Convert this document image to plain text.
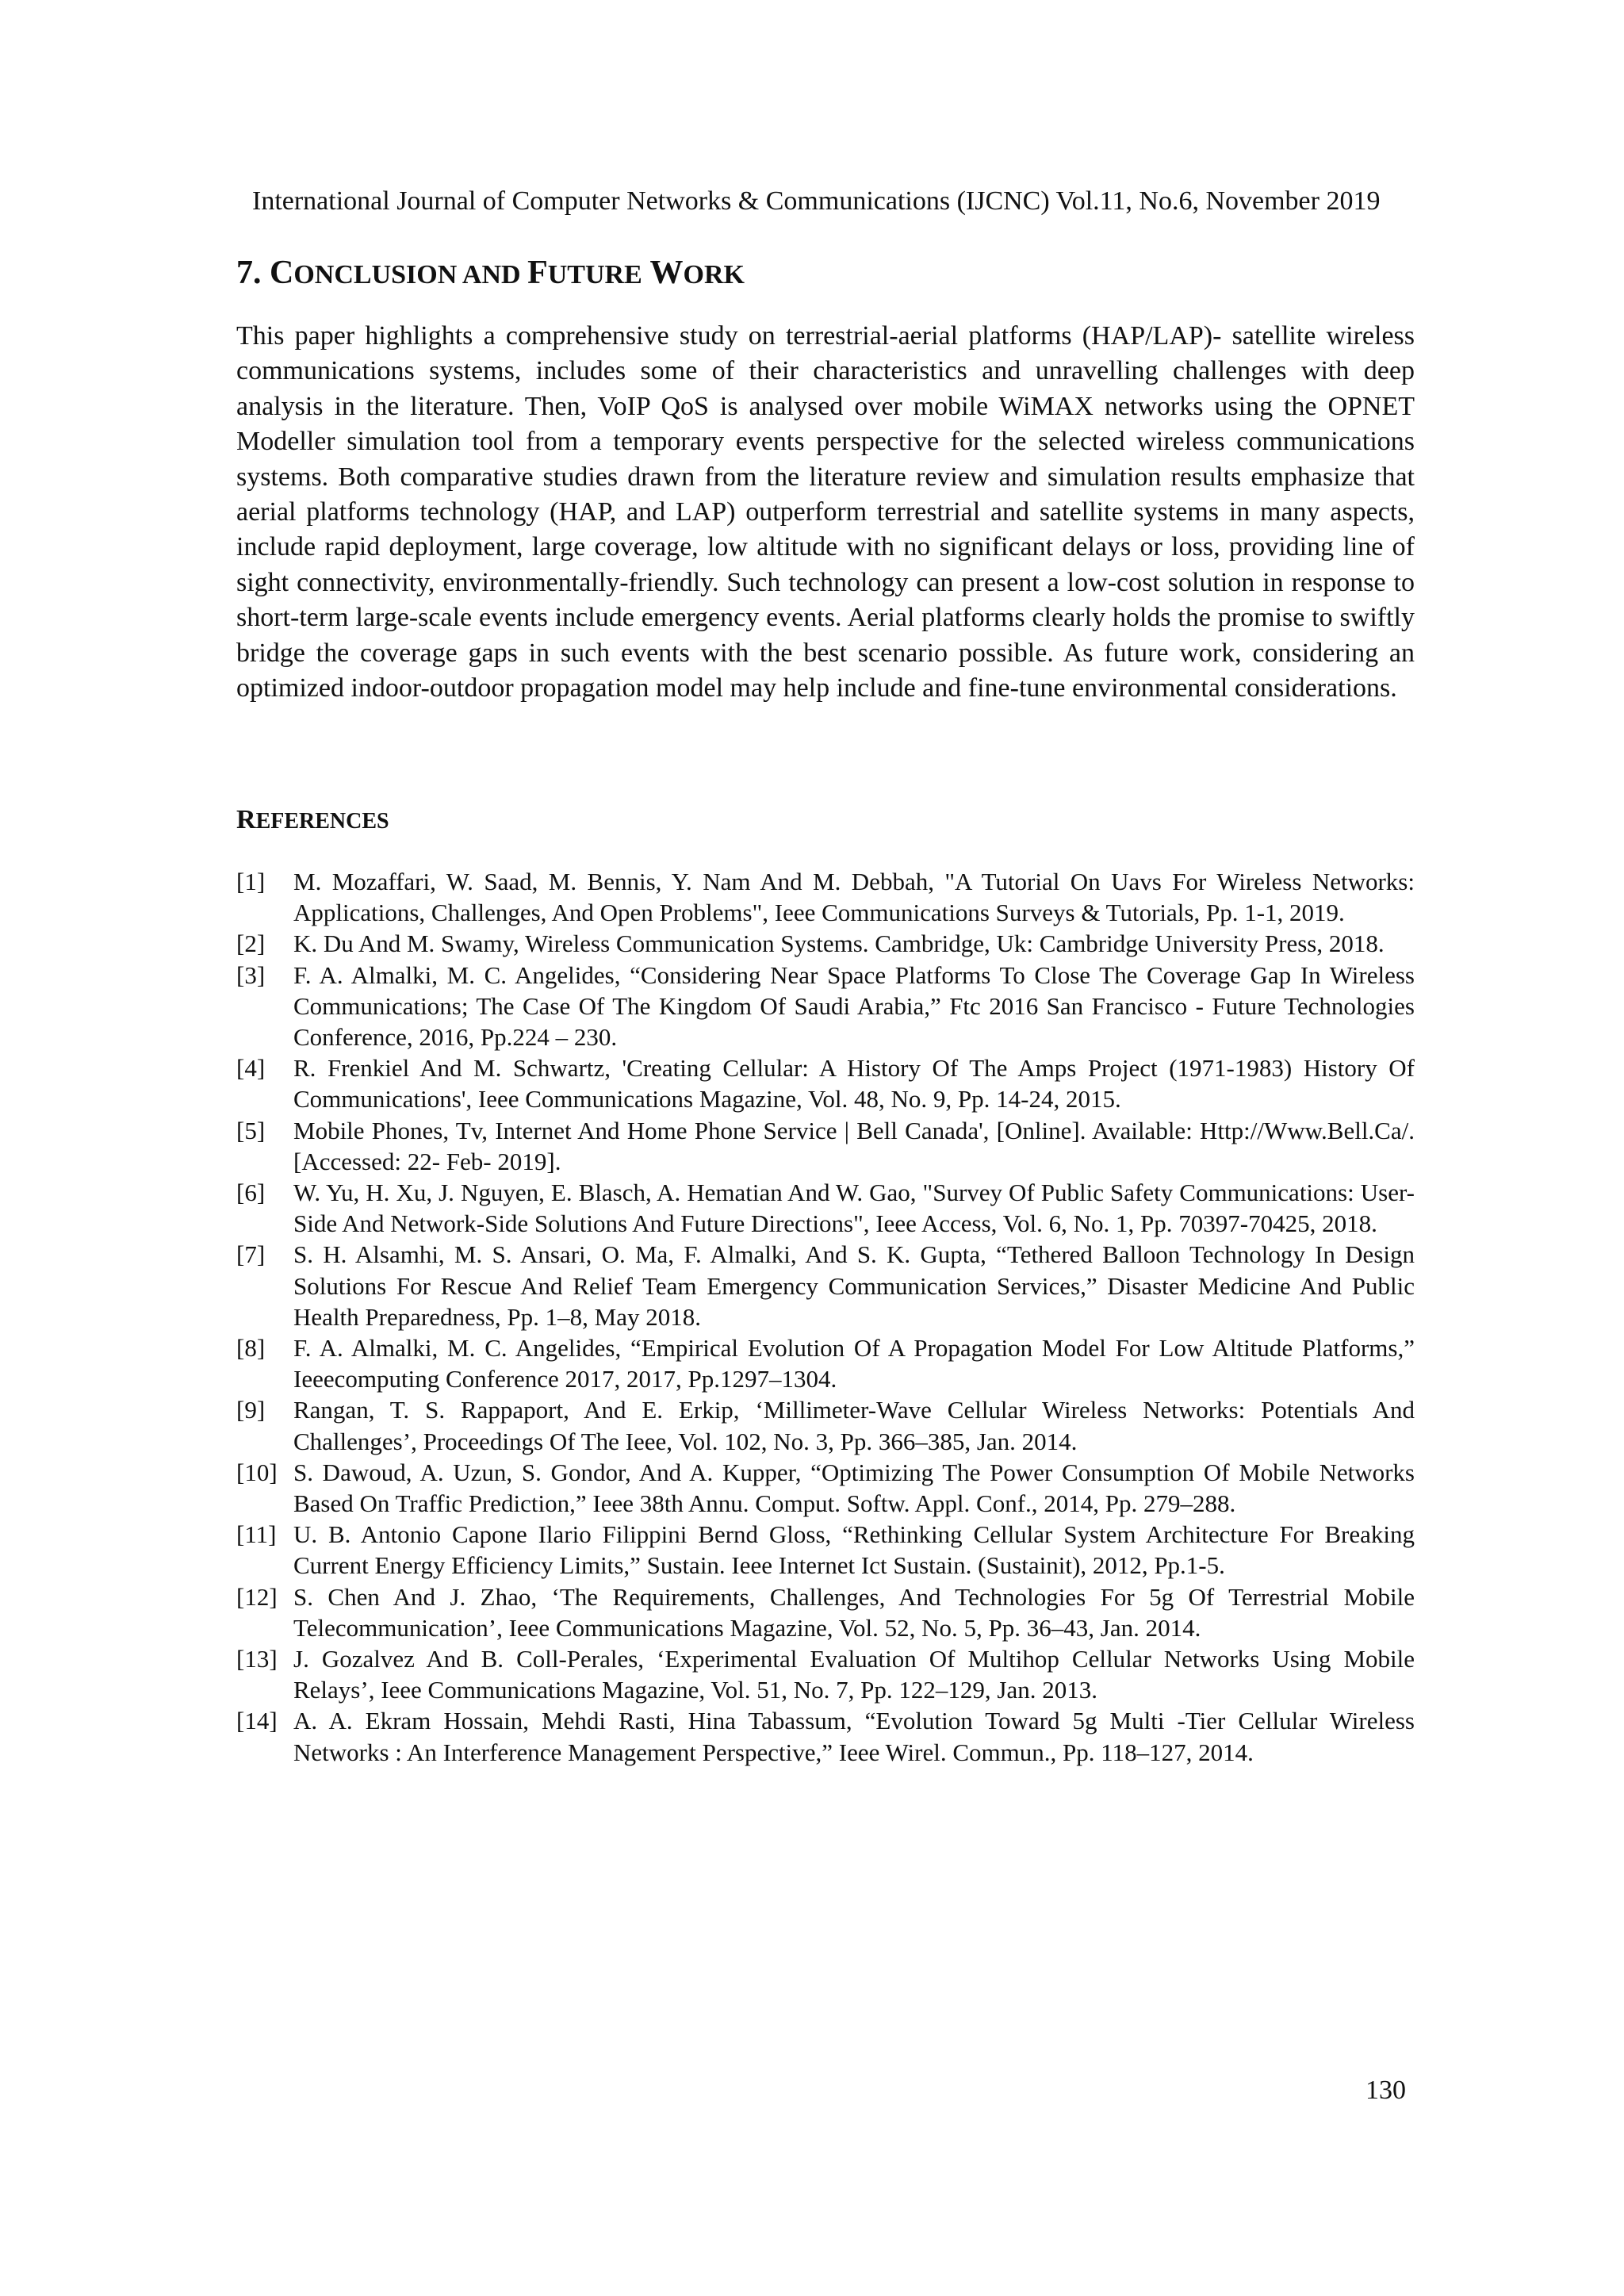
International Journal of Computer Networks & Communications (IJCNC) Vol.11, No.6, November 2019
7. CONCLUSION AND FUTURE WORK

This paper highlights a comprehensive study on terrestrial-aerial platforms (HAP/LAP)- satellite wireless communications systems, includes some of their characteristics and unravelling challenges with deep analysis in the literature. Then, VoIP QoS is analysed over mobile WiMAX networks using the OPNET Modeller simulation tool from a temporary events perspective for the selected wireless communications systems. Both comparative studies drawn from the literature review and simulation results emphasize that aerial platforms technology (HAP, and LAP) outperform terrestrial and satellite systems in many aspects, include rapid deployment, large coverage, low altitude with no significant delays or loss, providing line of sight connectivity, environmentally-friendly. Such technology can present a low-cost solution in response to short-term large-scale events include emergency events. Aerial platforms clearly holds the promise to swiftly bridge the coverage gaps in such events with the best scenario possible. As future work, considering an optimized indoor-outdoor propagation model may help include and fine-tune environmental considerations.

REFERENCES
[1]	M. Mozaffari, W. Saad, M. Bennis, Y. Nam And M. Debbah, "A Tutorial On Uavs For Wireless Networks: Applications, Challenges, And Open Problems", Ieee Communications Surveys & Tutorials, Pp. 1-1, 2019.
[2]	K. Du And M. Swamy, Wireless Communication Systems. Cambridge, Uk: Cambridge University Press, 2018.
[3]	F. A. Almalki, M. C. Angelides, “Considering Near Space Platforms To Close The Coverage Gap In Wireless Communications; The Case Of The Kingdom Of Saudi Arabia,” Ftc 2016 San Francisco - Future Technologies Conference, 2016, Pp.224 – 230.
[4]	R. Frenkiel And M. Schwartz, 'Creating Cellular: A History Of The Amps Project (1971-1983) History Of Communications', Ieee Communications Magazine, Vol. 48, No. 9, Pp. 14-24, 2015.
[5]	Mobile Phones, Tv, Internet And Home Phone Service | Bell Canada', [Online]. Available: Http://Www.Bell.Ca/. [Accessed: 22- Feb- 2019].
[6]	W. Yu, H. Xu, J. Nguyen, E. Blasch, A. Hematian And W. Gao, "Survey Of Public Safety Communications: User-Side And Network-Side Solutions And Future Directions", Ieee Access, Vol. 6, No. 1, Pp. 70397-70425, 2018.
[7]	S. H. Alsamhi, M. S. Ansari, O. Ma, F. Almalki, And S. K. Gupta, “Tethered Balloon Technology In Design Solutions For Rescue And Relief Team Emergency Communication Services,” Disaster Medicine And Public Health Preparedness, Pp. 1–8, May 2018.
[8]	F. A. Almalki, M. C. Angelides, “Empirical Evolution Of A Propagation Model For Low Altitude Platforms,” Ieeecomputing Conference 2017, 2017, Pp.1297–1304.
[9]	Rangan, T. S. Rappaport, And E. Erkip, ‘Millimeter-Wave Cellular Wireless Networks: Potentials And Challenges’, Proceedings Of The Ieee, Vol. 102, No. 3, Pp. 366–385, Jan. 2014.
[10] S. Dawoud, A. Uzun, S. Gondor, And A. Kupper, “Optimizing The Power Consumption Of Mobile Networks Based On Traffic Prediction,” Ieee 38th Annu. Comput. Softw. Appl. Conf., 2014, Pp. 279–288.
[11] U. B. Antonio Capone Ilario Filippini Bernd Gloss, “Rethinking Cellular System Architecture For Breaking Current Energy Efficiency Limits,” Sustain. Ieee Internet Ict Sustain. (Sustainit), 2012, Pp.1-5.
[12] S. Chen And J. Zhao, ‘The Requirements, Challenges, And Technologies For 5g Of Terrestrial Mobile Telecommunication’, Ieee Communications Magazine, Vol. 52, No. 5, Pp. 36–43, Jan. 2014.
[13] J. Gozalvez And B. Coll-Perales, ‘Experimental Evaluation Of Multihop Cellular Networks Using Mobile Relays’, Ieee Communications Magazine, Vol. 51, No. 7, Pp. 122–129, Jan. 2013.
[14] A. A. Ekram Hossain, Mehdi Rasti, Hina Tabassum, “Evolution Toward 5g Multi -Tier Cellular Wireless Networks : An Interference Management Perspective,” Ieee Wirel. Commun., Pp. 118–127, 2014.
130
